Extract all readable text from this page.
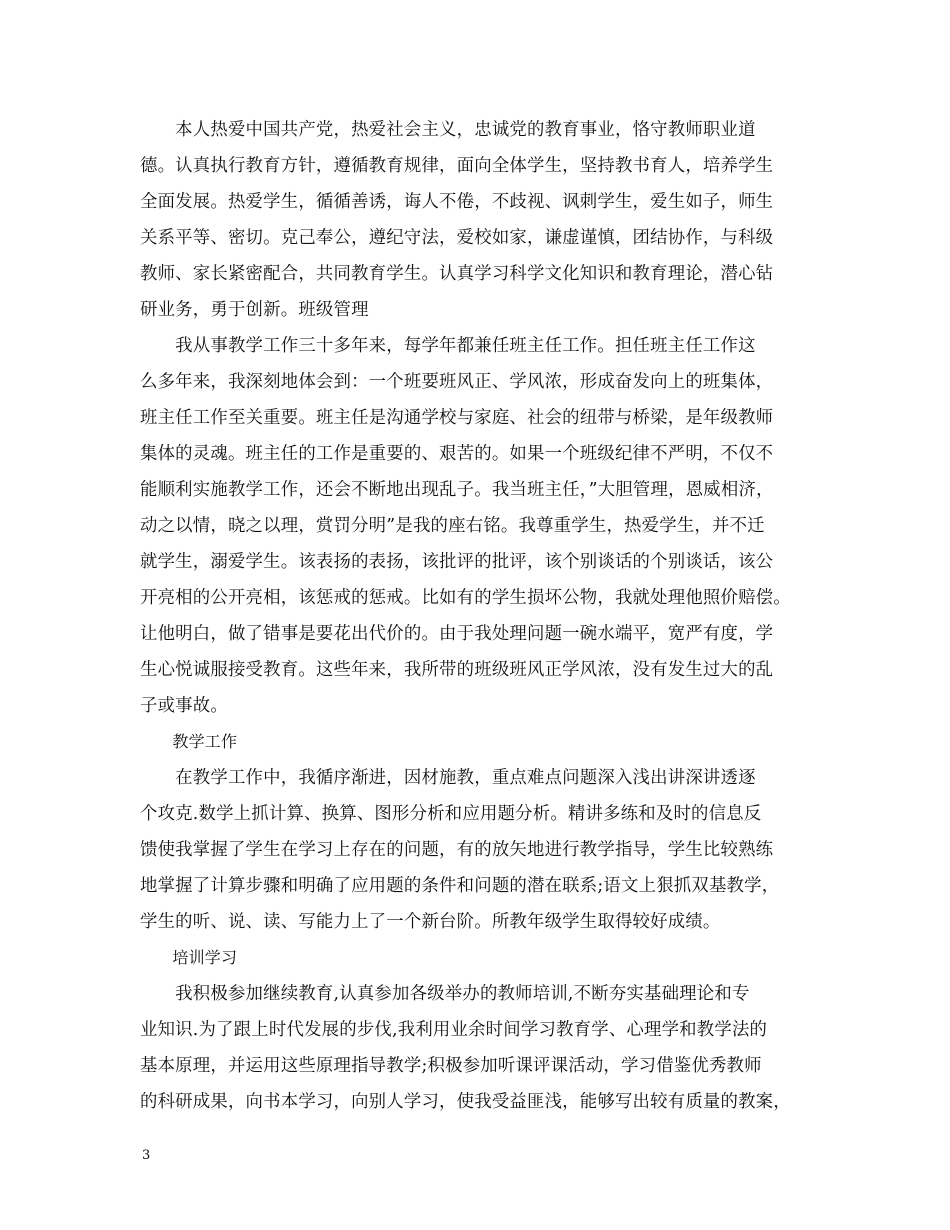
　　本人热爱中国共产党，热爱社会主义，忠诚党的教育事业，恪守教师职业道
德。认真执行教育方针，遵循教育规律，面向全体学生，坚持教书育人，培养学生
全面发展。热爱学生，循循善诱，诲人不倦，不歧视、讽刺学生，爱生如子，师生
关系平等、密切。克己奉公，遵纪守法，爱校如家，谦虚谨慎，团结协作，与科级
教师、家长紧密配合，共同教育学生。认真学习科学文化知识和教育理论，潜心钻
研业务，勇于创新。班级管理
　　我从事教学工作三十多年来，每学年都兼任班主任工作。担任班主任工作这
么多年来，我深刻地体会到：一个班要班风正、学风浓，形成奋发向上的班集体，
班主任工作至关重要。班主任是沟通学校与家庭、社会的纽带与桥梁，是年级教师
集体的灵魂。班主任的工作是重要的、艰苦的。如果一个班级纪律不严明，不仅不
能顺利实施教学工作，还会不断地出现乱子。我当班主任，”大胆管理，恩威相济，
动之以情，晓之以理，赏罚分明”是我的座右铭。我尊重学生，热爱学生，并不迁
就学生，溺爱学生。该表扬的表扬，该批评的批评，该个别谈话的个别谈话，该公
开亮相的公开亮相，该惩戒的惩戒。比如有的学生损坏公物，我就处理他照价赔偿。
让他明白，做了错事是要花出代价的。由于我处理问题一碗水端平，宽严有度，学
生心悦诚服接受教育。这些年来，我所带的班级班风正学风浓，没有发生过大的乱
子或事故。
　　教学工作
　　在教学工作中，我循序渐进，因材施教，重点难点问题深入浅出讲深讲透逐
个攻克.数学上抓计算、换算、图形分析和应用题分析。精讲多练和及时的信息反
馈使我掌握了学生在学习上存在的问题，有的放矢地进行教学指导，学生比较熟练
地掌握了计算步骤和明确了应用题的条件和问题的潜在联系;语文上狠抓双基教学，
学生的听、说、读、写能力上了一个新台阶。所教年级学生取得较好成绩。
　　培训学习
　　我积极参加继续教育,认真参加各级举办的教师培训,不断夯实基础理论和专
业知识.为了跟上时代发展的步伐,我利用业余时间学习教育学、心理学和教学法的
基本原理，并运用这些原理指导教学;积极参加听课评课活动，学习借鉴优秀教师
的科研成果，向书本学习，向别人学习，使我受益匪浅，能够写出较有质量的教案，
3
